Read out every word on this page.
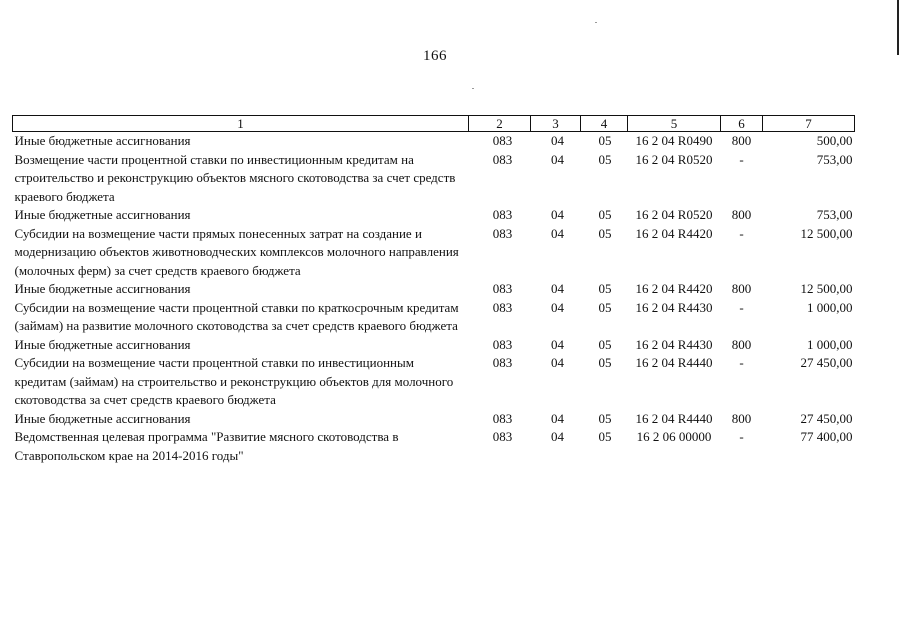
166
1	2	3	4	5	6	7
Иные бюджетные ассигнования	083	04	05	16 2 04 R0490	800	500,00
Возмещение части процентной ставки по инвестиционным кредитам на строительство и реконструкцию объектов мясного скотоводства за счет средств краевого бюджета	083	04	05	16 2 04 R0520	-	753,00
Иные бюджетные ассигнования	083	04	05	16 2 04 R0520	800	753,00
Субсидии на возмещение части прямых понесенных затрат на создание и модернизацию объектов животноводческих комплексов молочного направления (молочных ферм) за счет средств краевого бюджета	083	04	05	16 2 04 R4420	-	12 500,00
Иные бюджетные ассигнования	083	04	05	16 2 04 R4420	800	12 500,00
Субсидии на возмещение части процентной ставки по краткосрочным кредитам (займам) на развитие молочного скотоводства за счет средств краевого бюджета	083	04	05	16 2 04 R4430	-	1 000,00
Иные бюджетные ассигнования	083	04	05	16 2 04 R4430	800	1 000,00
Субсидии на возмещение части процентной ставки по инвестиционным кредитам (займам) на строительство и реконструкцию объектов для молочного скотоводства за счет средств краевого бюджета	083	04	05	16 2 04 R4440	-	27 450,00
Иные бюджетные ассигнования	083	04	05	16 2 04 R4440	800	27 450,00
Ведомственная целевая программа "Развитие мясного скотоводства в Ставропольском крае на 2014-2016 годы"	083	04	05	16 2 06 00000	-	77 400,00
